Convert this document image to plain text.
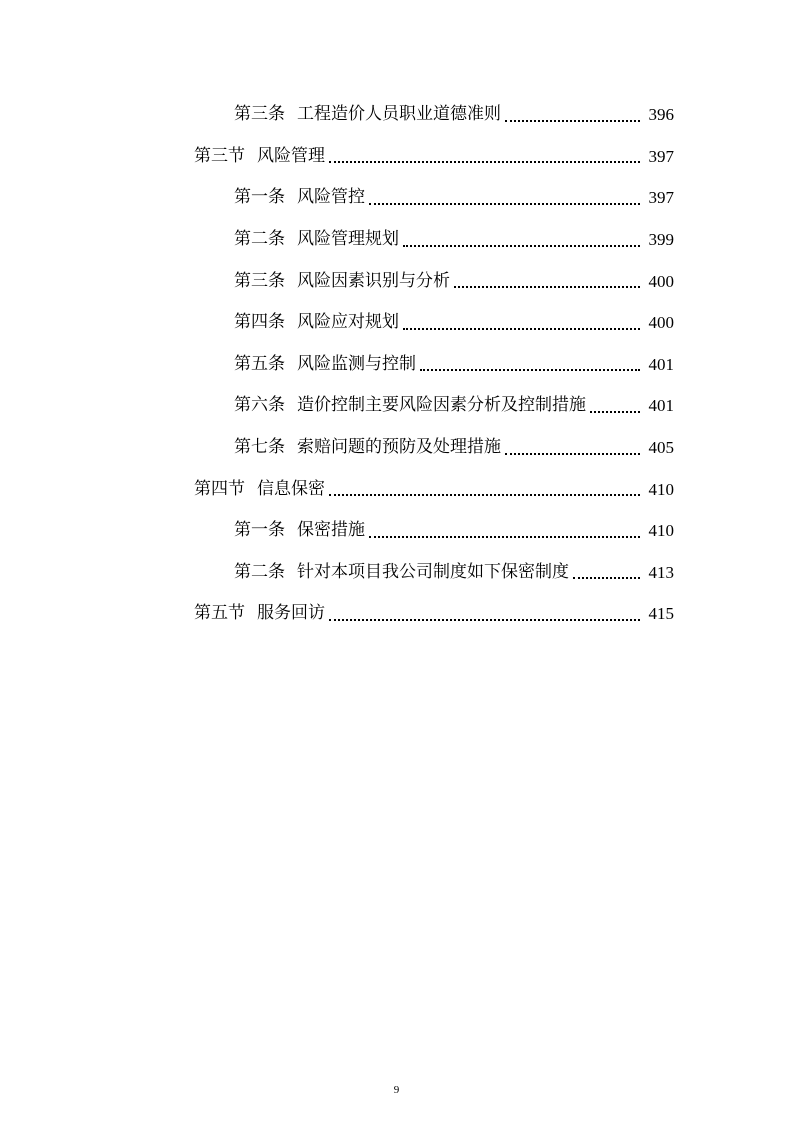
第三条 工程造价人员职业道德准则	396
第三节 风险管理	397
第一条 风险管控	397
第二条 风险管理规划	399
第三条 风险因素识别与分析	400
第四条 风险应对规划	400
第五条 风险监测与控制	401
第六条 造价控制主要风险因素分析及控制措施	401
第七条 索赔问题的预防及处理措施	405
第四节 信息保密	410
第一条 保密措施	410
第二条 针对本项目我公司制度如下保密制度	413
第五节 服务回访	415
9
